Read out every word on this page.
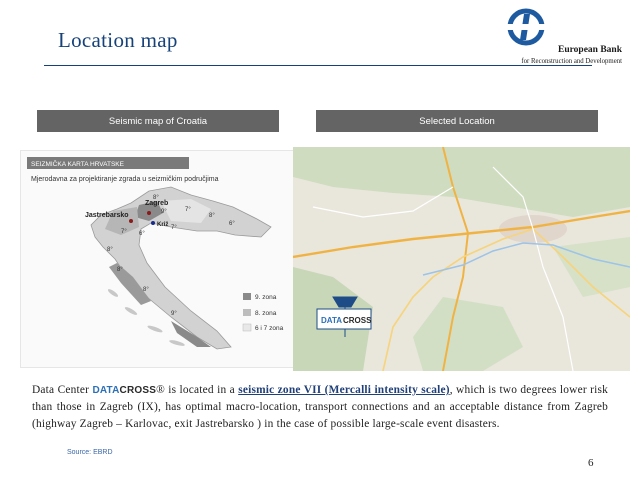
Location map	European Bank
for Reconstruction and Development
Seismic map of Croatia	Selected Location
SEIZMIČKA KARTA HRVATSKE
Mjerodavna za projektiranje zgrada u seizmičkim područjima
Zagreb
Jastrebarsko
Križ
8°
9°	7°
8°
7° 6°
7°
6°
8°
8°
8°
9°
9. zona
8. zona
6 i 7 zona
DATA CROSS
Data Center DATACROSS® is located in a seismic zone VII (Mercalli intensity scale), which is two degrees lower risk than those in Zagreb (IX), has optimal macro-location, transport connections and an acceptable distance from Zagreb (highway Zagreb – Karlovac, exit Jastrebarsko ) in the case of possible large-scale event disasters.
Source: EBRD
6
